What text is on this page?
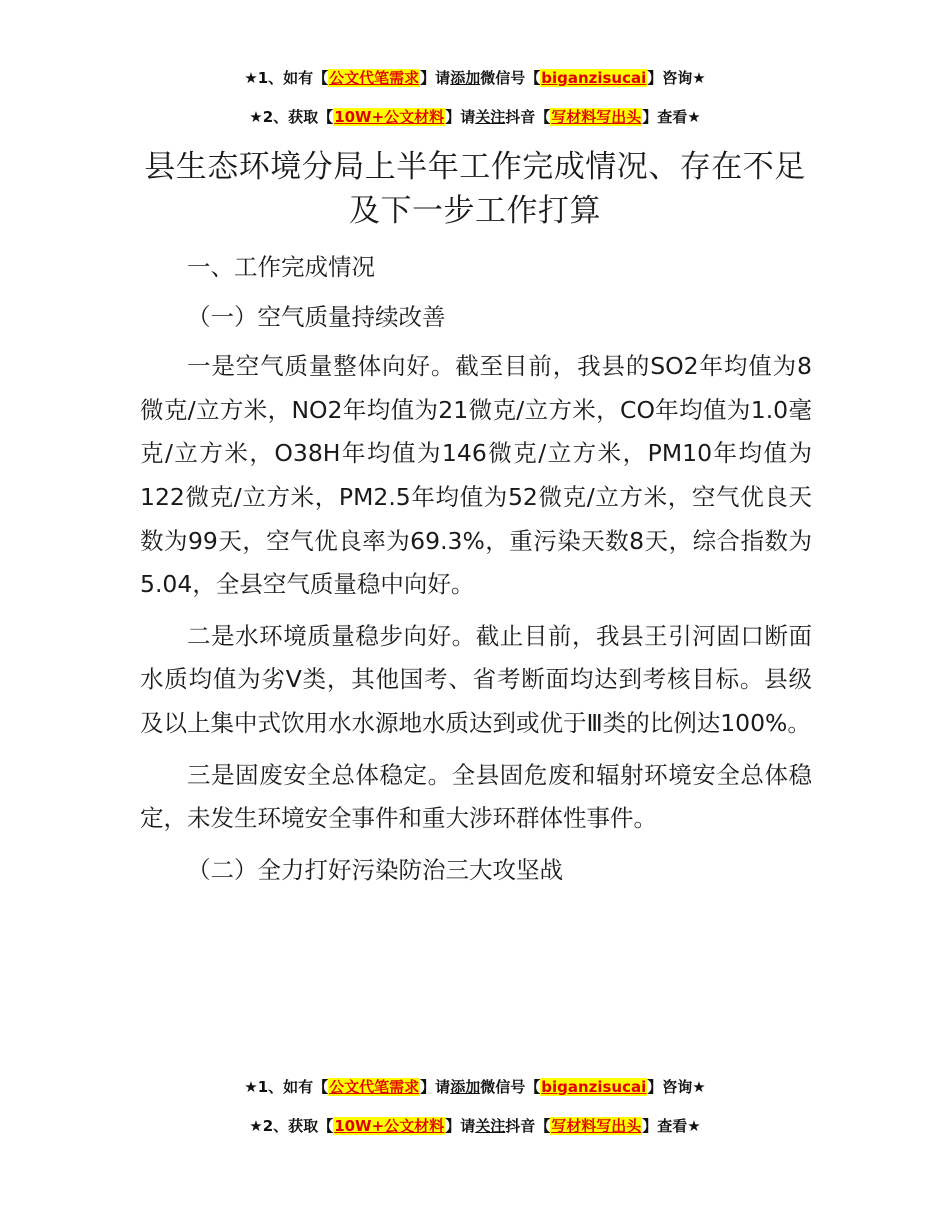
★1、如有【公文代笔需求】请添加微信号【biganzisucai】咨询★
★2、获取【10W+公文材料】请关注抖音【写材料写出头】查看★
县生态环境分局上半年工作完成情况、存在不足及下一步工作打算

一、工作完成情况

（一）空气质量持续改善

一是空气质量整体向好。截至目前，我县的SO2年均值为8微克/立方米，NO2年均值为21微克/立方米，CO年均值为1.0毫克/立方米，O38H年均值为146微克/立方米，PM10年均值为122微克/立方米，PM2.5年均值为52微克/立方米，空气优良天数为99天，空气优良率为69.3%，重污染天数8天，综合指数为5.04，全县空气质量稳中向好。

二是水环境质量稳步向好。截止目前，我县王引河固口断面水质均值为劣Ⅴ类，其他国考、省考断面均达到考核目标。县级及以上集中式饮用水水源地水质达到或优于Ⅲ类的比例达100%。

三是固废安全总体稳定。全县固危废和辐射环境安全总体稳定，未发生环境安全事件和重大涉环群体性事件。

（二）全力打好污染防治三大攻坚战

★1、如有【公文代笔需求】请添加微信号【biganzisucai】咨询★
★2、获取【10W+公文材料】请关注抖音【写材料写出头】查看★
